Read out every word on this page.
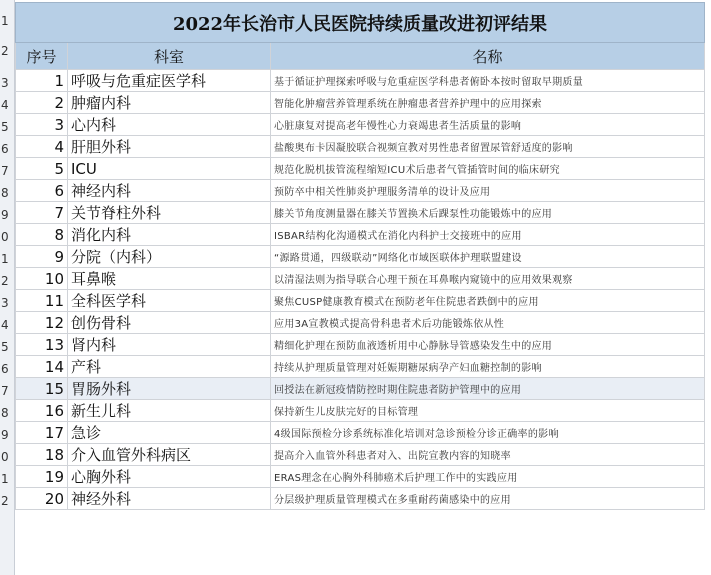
1
2
3
4
5
6
7
8
9
0
1
2
3
4
5
6
7
8
9
0
1
2
2022年长治市人民医院持续质量改进初评结果		
序号	科室	名称
1	呼吸与危重症医学科	基于循证护理探索呼吸与危重症医学科患者俯卧本按时留取早期质量
2	肿瘤内科	智能化肿瘤营养管理系统在肿瘤患者营养护理中的应用探索
3	心内科	心脏康复对提高老年慢性心力衰竭患者生活质量的影响
4	肝胆外科	盐酸奥布卡因凝胶联合视频宣教对男性患者留置尿管舒适度的影响
5	ICU	规范化脱机拔管流程缩短ICU术后患者气管插管时间的临床研究
6	神经内科	预防卒中相关性肺炎护理服务清单的设计及应用
7	关节脊柱外科	膝关节角度测量器在膝关节置换术后踝泵性功能锻炼中的应用
8	消化内科	ISBAR结构化沟通模式在消化内科护士交接班中的应用
9	分院（内科）	“源路贯通，四级联动”网络化市域医联体护理联盟建设
10	耳鼻喉	以清湿法则为指导联合心理干预在耳鼻喉内窥镜中的应用效果观察
11	全科医学科	聚焦CUSP健康教育模式在预防老年住院患者跌倒中的应用
12	创伤骨科	应用3A宣教模式提高骨科患者术后功能锻炼依从性
13	肾内科	精细化护理在预防血液透析用中心静脉导管感染发生中的应用
14	产科	持续从护理质量管理对妊娠期糖尿病孕产妇血糖控制的影响
15	胃肠外科	回授法在新冠疫情防控时期住院患者防护管理中的应用
16	新生儿科	保持新生儿皮肤完好的目标管理
17	急诊	4级国际预检分诊系统标准化培训对急诊预检分诊正确率的影响
18	介入血管外科病区	提高介入血管外科患者对入、出院宣教内容的知晓率
19	心胸外科	ERAS理念在心胸外科肺癌术后护理工作中的实践应用
20	神经外科	分层级护理质量管理模式在多重耐药菌感染中的应用
